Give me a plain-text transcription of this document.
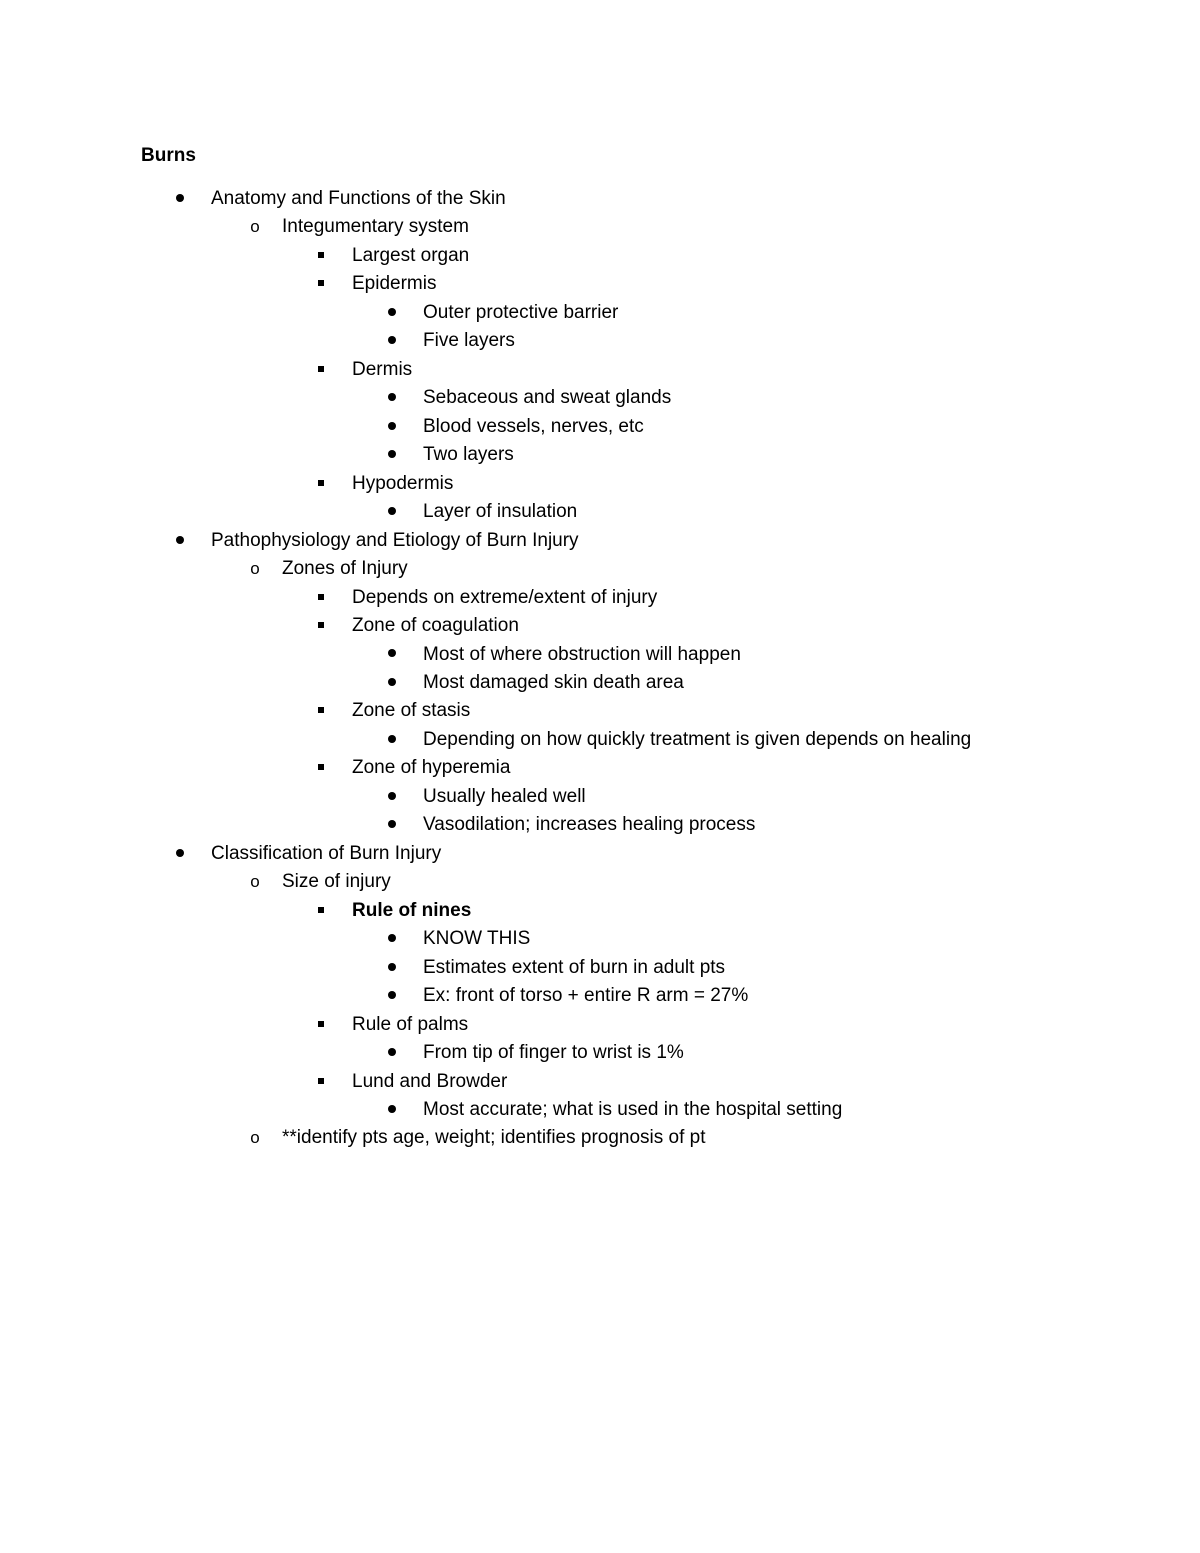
Burns
Anatomy and Functions of the Skin
o	Integumentary system
Largest organ
Epidermis
Outer protective barrier
Five layers
Dermis
Sebaceous and sweat glands
Blood vessels, nerves, etc
Two layers
Hypodermis
Layer of insulation
Pathophysiology and Etiology of Burn Injury
o	Zones of Injury
Depends on extreme/extent of injury
Zone of coagulation
Most of where obstruction will happen
Most damaged skin death area
Zone of stasis
Depending on how quickly treatment is given depends on healing
Zone of hyperemia
Usually healed well
Vasodilation; increases healing process
Classification of Burn Injury
o	Size of injury
Rule of nines
KNOW THIS
Estimates extent of burn in adult pts
Ex: front of torso + entire R arm = 27%
Rule of palms
From tip of finger to wrist is 1%
Lund and Browder
Most accurate; what is used in the hospital setting
o	**identify pts age, weight; identifies prognosis of pt
